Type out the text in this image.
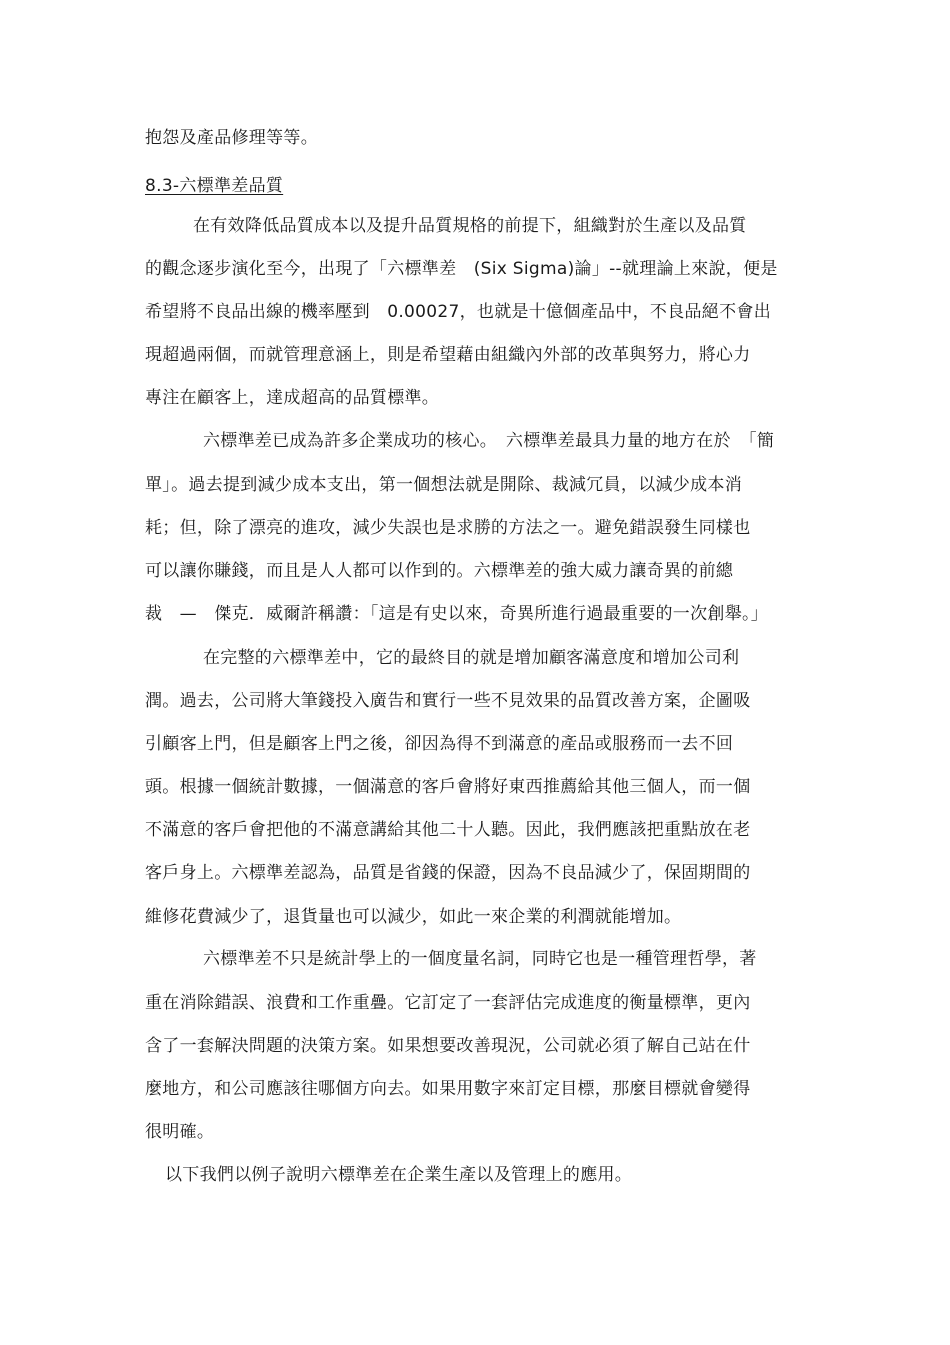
抱怨及產品修理等等。
8.3-六標準差品質
在有效降低品質成本以及提升品質規格的前提下，組織對於生產以及品質
的觀念逐步演化至今，出現了「六標準差　(Six Sigma)論」--就理論上來說，便是
希望將不良品出線的機率壓到　0.00027，也就是十億個產品中，不良品絕不會出
現超過兩個，而就管理意涵上，則是希望藉由組織內外部的改革與努力，將心力
專注在顧客上，達成超高的品質標準。
六標準差已成為許多企業成功的核心。　六標準差最具力量的地方在於　「簡
單」。過去提到減少成本支出，第一個想法就是開除、裁減冗員，以減少成本消
耗；但，除了漂亮的進攻，減少失誤也是求勝的方法之一。避免錯誤發生同樣也
可以讓你賺錢，而且是人人都可以作到的。六標準差的強大威力讓奇異的前總
裁　—　傑克．威爾許稱讚：「這是有史以來，奇異所進行過最重要的一次創舉。」
在完整的六標準差中，它的最終目的就是增加顧客滿意度和增加公司利
潤。過去，公司將大筆錢投入廣告和實行一些不見效果的品質改善方案，企圖吸
引顧客上門，但是顧客上門之後，卻因為得不到滿意的產品或服務而一去不回
頭。根據一個統計數據，一個滿意的客戶會將好東西推薦給其他三個人，而一個
不滿意的客戶會把他的不滿意講給其他二十人聽。因此，我們應該把重點放在老
客戶身上。六標準差認為，品質是省錢的保證，因為不良品減少了，保固期間的
維修花費減少了，退貨量也可以減少，如此一來企業的利潤就能增加。
六標準差不只是統計學上的一個度量名詞，同時它也是一種管理哲學，著
重在消除錯誤、浪費和工作重疊。它訂定了一套評估完成進度的衡量標準，更內
含了一套解決問題的決策方案。如果想要改善現況，公司就必須了解自己站在什
麼地方，和公司應該往哪個方向去。如果用數字來訂定目標，那麼目標就會變得
很明確。
以下我們以例子說明六標準差在企業生產以及管理上的應用。
